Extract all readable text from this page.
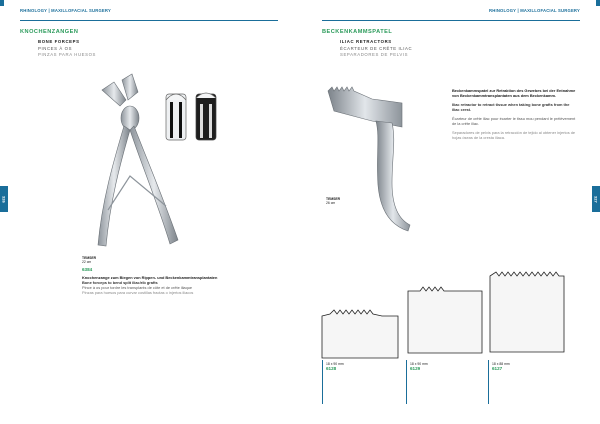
RHINOLOGY | MAXILLOFACIAL SURGERY	RHINOLOGY | MAXILLOFACIAL SURGERY
KNOCHENZANGEN
BONE FORCEPS
PINCES À OS
PINZAS PARA HUESOS
BECKENKAMMSPATEL
ILIAC RETRACTORS
ÉCARTEUR DE CRÊTE ILIAC
SEPARADORES DE PELVIS
326	327
TEMSER
22 cm
6384
Knochenzange zum Biegen von Rippen- und Beckenkammtransplantaten
Bone forceps to bend split iliac/rib grafts
Pince à os pour tordre les transplants de côte et de crête iliaque
Pinzas para huesos para curvar costillas fractas o injertos iliacos
TEMSER
26 cm
Beckenkammspatel zur Retraktion des Gewebes bei der Entnahme von Beckenkammtransplantaten aus dem Beckenkamm.
Iliac retractor to retract tissue when taking bone grafts from the iliac crest.
Écarteur de crête iliac pour écarter le tissu mou pendant le prélèvement de la crête iliac.
Separadores de pelvis para la retracción de tejido al obtener injertos de hojas óseas de la cresta iliaca.
18 x 90 mm
6128
18 x 90 mm
6129
18 x 88 mm
6127
